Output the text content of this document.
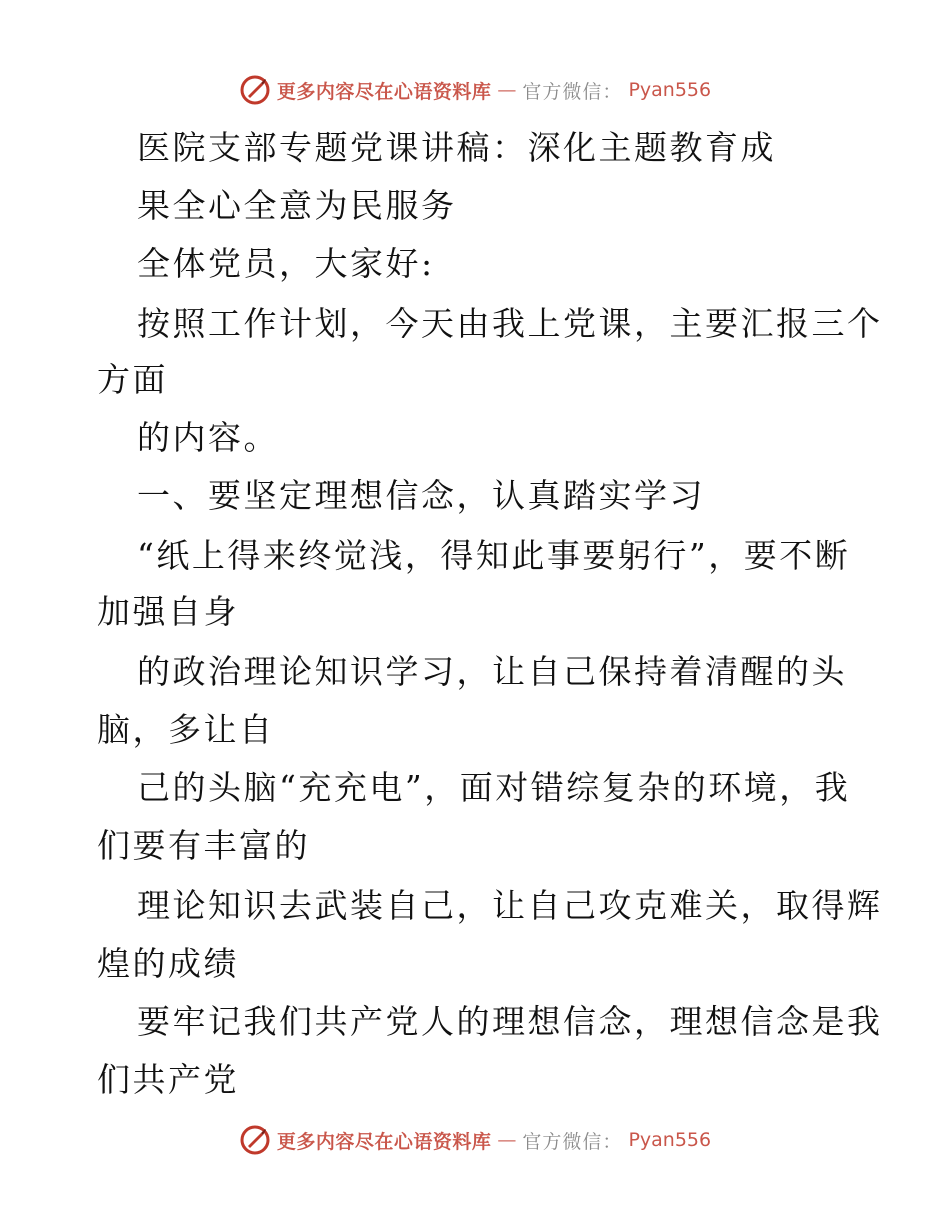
更多内容尽在心语资料库 — 官方微信： Pyan556
医院支部专题党课讲稿：深化主题教育成
果全心全意为民服务
全体党员，大家好:
按照工作计划，今天由我上党课，主要汇报三个
方面
的内容。
一、要坚定理想信念，认真踏实学习
“纸上得来终觉浅，得知此事要躬行”，要不断
加强自身
的政治理论知识学习，让自己保持着清醒的头
脑，多让自
己的头脑“充充电”，面对错综复杂的环境，我
们要有丰富的
理论知识去武装自己，让自己攻克难关，取得辉
煌的成绩
要牢记我们共产党人的理想信念，理想信念是我
们共产党
更多内容尽在心语资料库 — 官方微信： Pyan556
